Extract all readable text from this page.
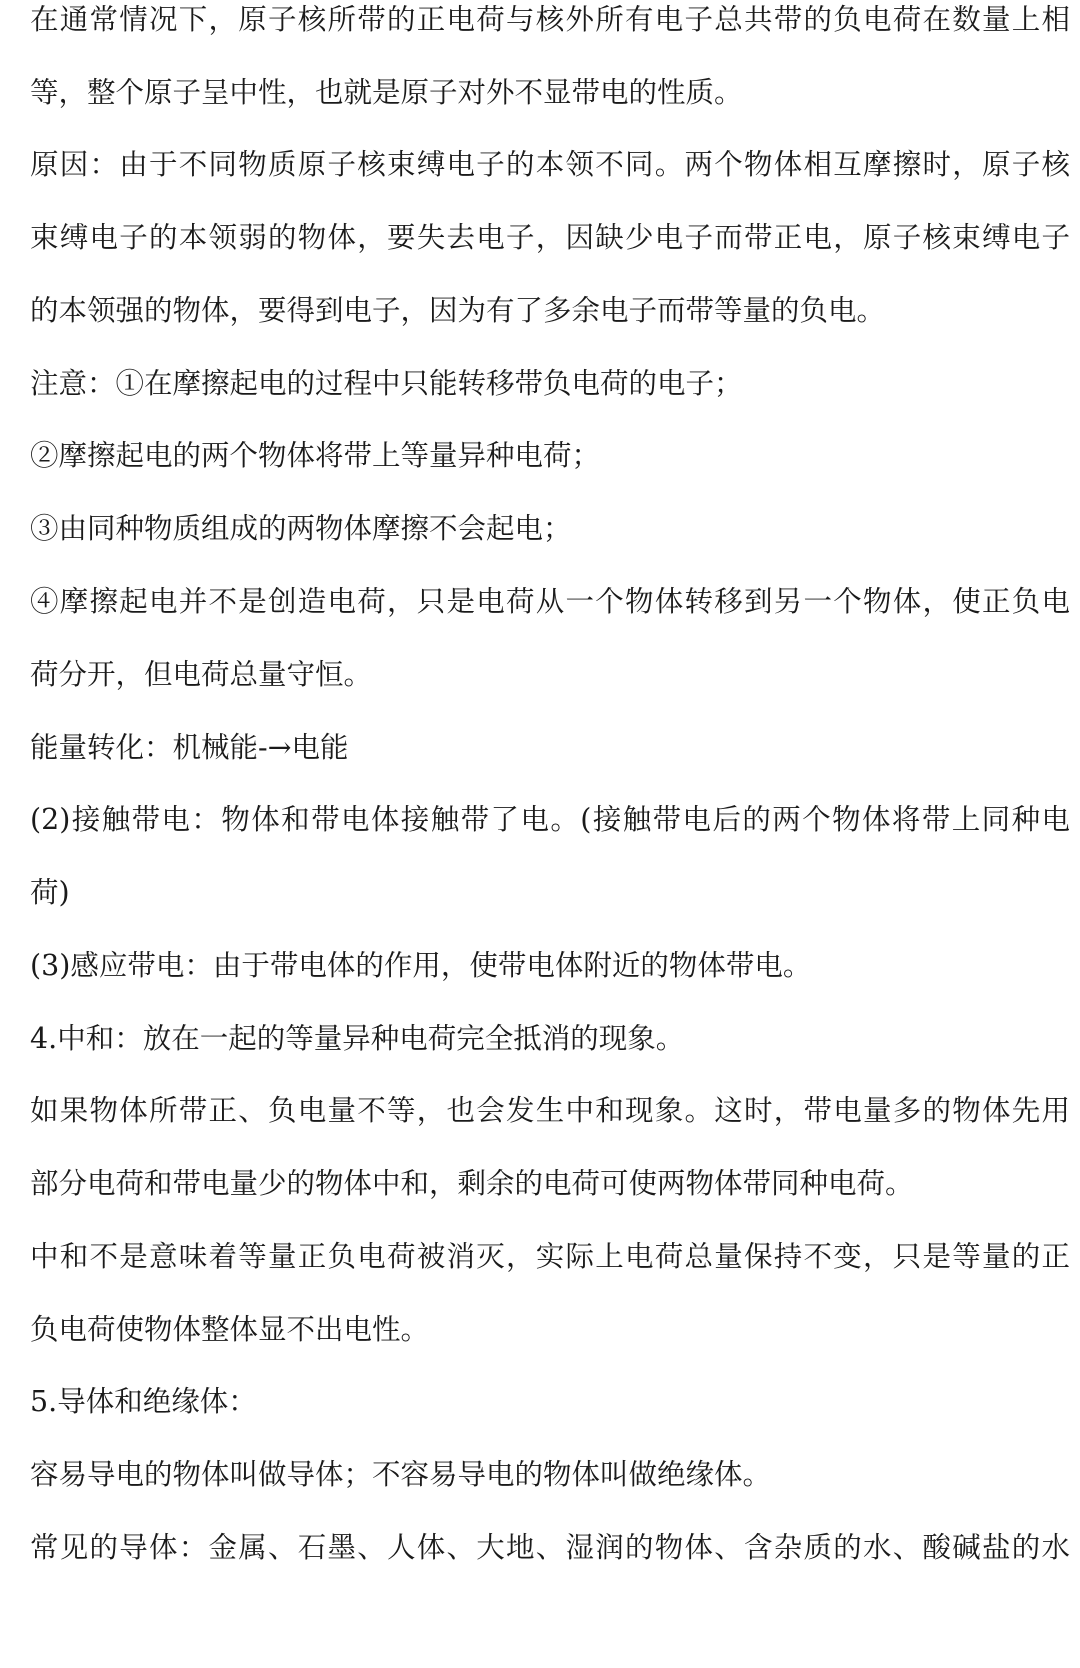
在通常情况下，原子核所带的正电荷与核外所有电子总共带的负电荷在数量上相
等，整个原子呈中性，也就是原子对外不显带电的性质。
原因：由于不同物质原子核束缚电子的本领不同。两个物体相互摩擦时，原子核
束缚电子的本领弱的物体，要失去电子，因缺少电子而带正电，原子核束缚电子
的本领强的物体，要得到电子，因为有了多余电子而带等量的负电。
注意：①在摩擦起电的过程中只能转移带负电荷的电子；
②摩擦起电的两个物体将带上等量异种电荷；
③由同种物质组成的两物体摩擦不会起电；
④摩擦起电并不是创造电荷，只是电荷从一个物体转移到另一个物体，使正负电
荷分开，但电荷总量守恒。
能量转化：机械能-→电能
(2)接触带电：物体和带电体接触带了电。(接触带电后的两个物体将带上同种电
荷)
(3)感应带电：由于带电体的作用，使带电体附近的物体带电。
4.中和：放在一起的等量异种电荷完全抵消的现象。
如果物体所带正、负电量不等，也会发生中和现象。这时，带电量多的物体先用
部分电荷和带电量少的物体中和，剩余的电荷可使两物体带同种电荷。
中和不是意味着等量正负电荷被消灭，实际上电荷总量保持不变，只是等量的正
负电荷使物体整体显不出电性。
5.导体和绝缘体：
容易导电的物体叫做导体；不容易导电的物体叫做绝缘体。
常见的导体：金属、石墨、人体、大地、湿润的物体、含杂质的水、酸碱盐的水
